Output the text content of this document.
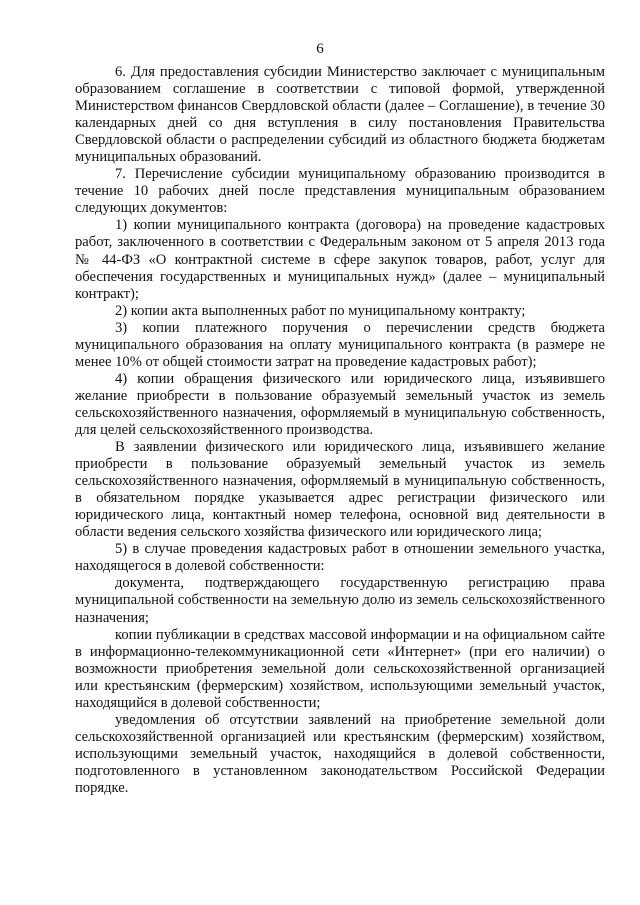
6

6. Для предоставления субсидии Министерство заключает с муниципальным образованием соглашение в соответствии с типовой формой, утвержденной Министерством финансов Свердловской области (далее – Соглашение), в течение 30 календарных дней со дня вступления в силу постановления Правительства Свердловской области о распределении субсидий из областного бюджета бюджетам муниципальных образований.

7. Перечисление субсидии муниципальному образованию производится в течение 10 рабочих дней после представления муниципальным образованием следующих документов:

1) копии муниципального контракта (договора) на проведение кадастровых работ, заключенного в соответствии с Федеральным законом от 5 апреля 2013 года № 44-ФЗ «О контрактной системе в сфере закупок товаров, работ, услуг для обеспечения государственных и муниципальных нужд» (далее – муниципальный контракт);

2) копии акта выполненных работ по муниципальному контракту;

3) копии платежного поручения о перечислении средств бюджета муниципального образования на оплату муниципального контракта (в размере не менее 10% от общей стоимости затрат на проведение кадастровых работ);

4) копии обращения физического или юридического лица, изъявившего желание приобрести в пользование образуемый земельный участок из земель сельскохозяйственного назначения, оформляемый в муниципальную собственность, для целей сельскохозяйственного производства.

В заявлении физического или юридического лица, изъявившего желание приобрести в пользование образуемый земельный участок из земель сельскохозяйственного назначения, оформляемый в муниципальную собственность, в обязательном порядке указывается адрес регистрации физического или юридического лица, контактный номер телефона, основной вид деятельности в области ведения сельского хозяйства физического или юридического лица;

5) в случае проведения кадастровых работ в отношении земельного участка, находящегося в долевой собственности:

документа, подтверждающего государственную регистрацию права муниципальной собственности на земельную долю из земель сельскохозяйственного назначения;

копии публикации в средствах массовой информации и на официальном сайте в информационно-телекоммуникационной сети «Интернет» (при его наличии) о возможности приобретения земельной доли сельскохозяйственной организацией или крестьянским (фермерским) хозяйством, использующими земельный участок, находящийся в долевой собственности;

уведомления об отсутствии заявлений на приобретение земельной доли сельскохозяйственной организацией или крестьянским (фермерским) хозяйством, использующими земельный участок, находящийся в долевой собственности, подготовленного в установленном законодательством Российской Федерации порядке.
